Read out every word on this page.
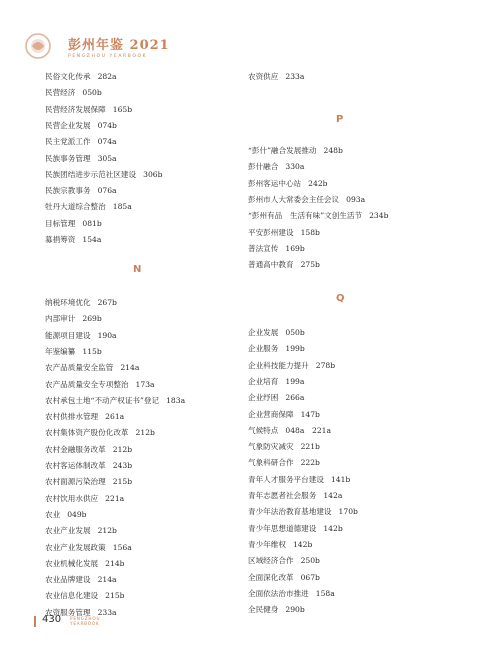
彭州年鉴 2021
PENGZHOU YEARBOOK
民俗文化传承 282a
民营经济 050b
民营经济发展保障 165b
民营企业发展 074b
民主党派工作 074a
民族事务管理 305a
民族团结进步示范社区建设 306b
民族宗教事务 076a
牡丹大道综合整治 185a
目标管理 081b
募捐筹资 154a
N
纳税环境优化 267b
内部审计 269b
能源项目建设 190a
年鉴编纂 115b
农产品质量安全监管 214a
农产品质量安全专项整治 173a
农村承包土地“不动产权证书”登记 183a
农村供排水管理 261a
农村集体资产股份化改革 212b
农村金融服务改革 212b
农村客运体制改革 243b
农村面源污染治理 215b
农村饮用水供应 221a
农业 049b
农业产业发展 212b
农业产业发展政策 156a
农业机械化发展 214b
农业品牌建设 214a
农业信息化建设 215b
农资服务管理 233a
农资供应 233a
P
“彭什”融合发展推动 248b
彭什融合 330a
彭州客运中心站 242b
彭州市人大常委会主任会议 093a
“彭州有品　生活有味”文创生活节 234b
平安彭州建设 158b
普法宣传 169b
普通高中教育 275b
Q
企业发展 050b
企业服务 199b
企业科技能力提升 278b
企业培育 199a
企业纾困 266a
企业营商保障 147b
气候特点 048a　221a
气象防灾减灾 221b
气象科研合作 222b
青年人才服务平台建设 141b
青年志愿者社会服务 142a
青少年法治教育基地建设 170b
青少年思想道德建设 142b
青少年维权 142b
区域经济合作 250b
全面深化改革 067b
全面依法治市推进 158a
全民健身 290b
430 PENGZHOU
YEARBOOK
